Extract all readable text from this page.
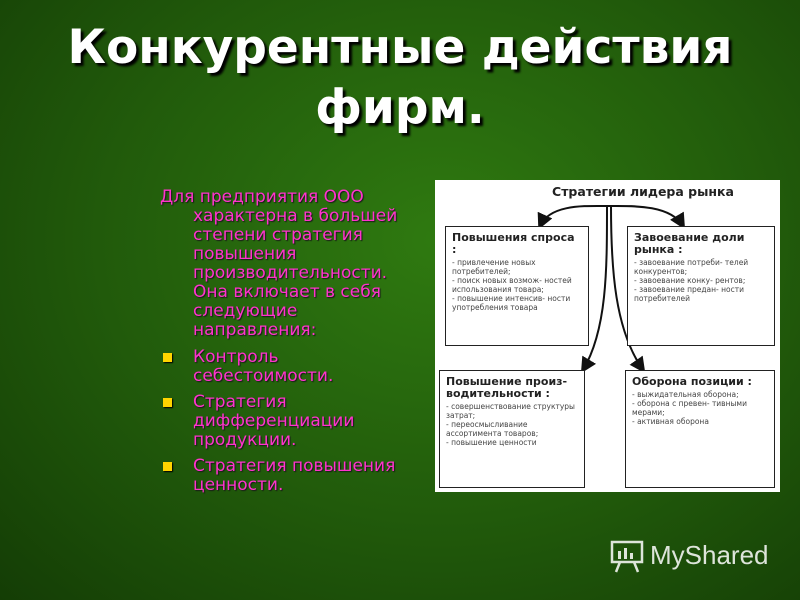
Конкурентные действия
фирм.

Для предприятия ООО характерна в большей степени стратегия повышения производительности. Она включает в себя следующие направления:

Контроль себестоимости.
Стратегия дифференциации продукции.
Стратегия повышения ценности.
Стратегии лидера рынка

Повышения спроса :

- привлечение новых потребителей;

- поиск новых возмож- ностей использования товара;

- повышение интенсив- ности употребления товара

Завоевание доли рынка :

- завоевание потреби- телей конкурентов;

- завоевание конку- рентов;

- завоевание предан- ности потребителей

Повышение произ- водительности :

- совершенствование структуры затрат;

- переосмысливание ассортимента товаров;

- повышение ценности

Оборона позиции :

- выжидательная оборона;

- оборона с превен- тивными мерами;

- активная оборона

MyShared
